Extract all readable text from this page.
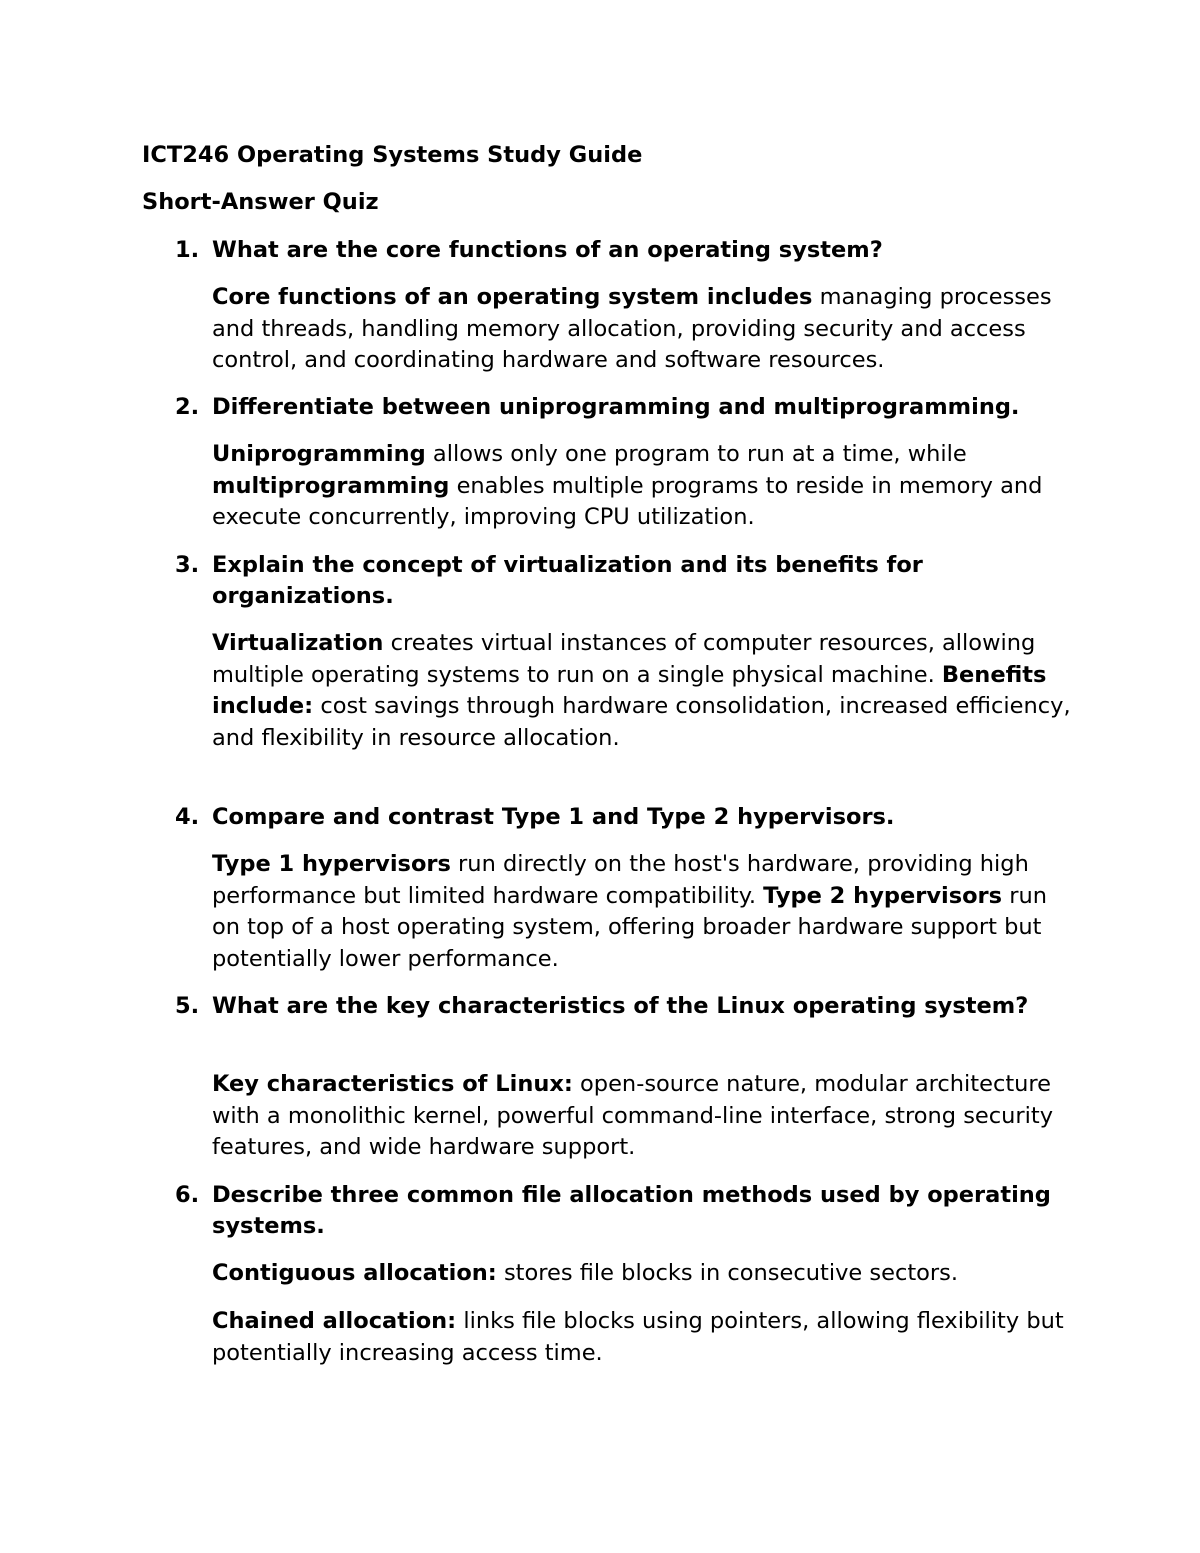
ICT246 Operating Systems Study Guide
Short-Answer Quiz
1. What are the core functions of an operating system?

Core functions of an operating system includes managing processes and threads, handling memory allocation, providing security and access control, and coordinating hardware and software resources.

2. Differentiate between uniprogramming and multiprogramming.

Uniprogramming allows only one program to run at a time, while multiprogramming enables multiple programs to reside in memory and execute concurrently, improving CPU utilization.

3. Explain the concept of virtualization and its benefits for organizations.

Virtualization creates virtual instances of computer resources, allowing multiple operating systems to run on a single physical machine. Benefits include: cost savings through hardware consolidation, increased efficiency, and flexibility in resource allocation.

4. Compare and contrast Type 1 and Type 2 hypervisors.

Type 1 hypervisors run directly on the host's hardware, providing high performance but limited hardware compatibility. Type 2 hypervisors run on top of a host operating system, offering broader hardware support but potentially lower performance.

5. What are the key characteristics of the Linux operating system?

Key characteristics of Linux: open-source nature, modular architecture with a monolithic kernel, powerful command-line interface, strong security features, and wide hardware support.

6. Describe three common file allocation methods used by operating systems.

Contiguous allocation: stores file blocks in consecutive sectors.

Chained allocation: links file blocks using pointers, allowing flexibility but potentially increasing access time.
